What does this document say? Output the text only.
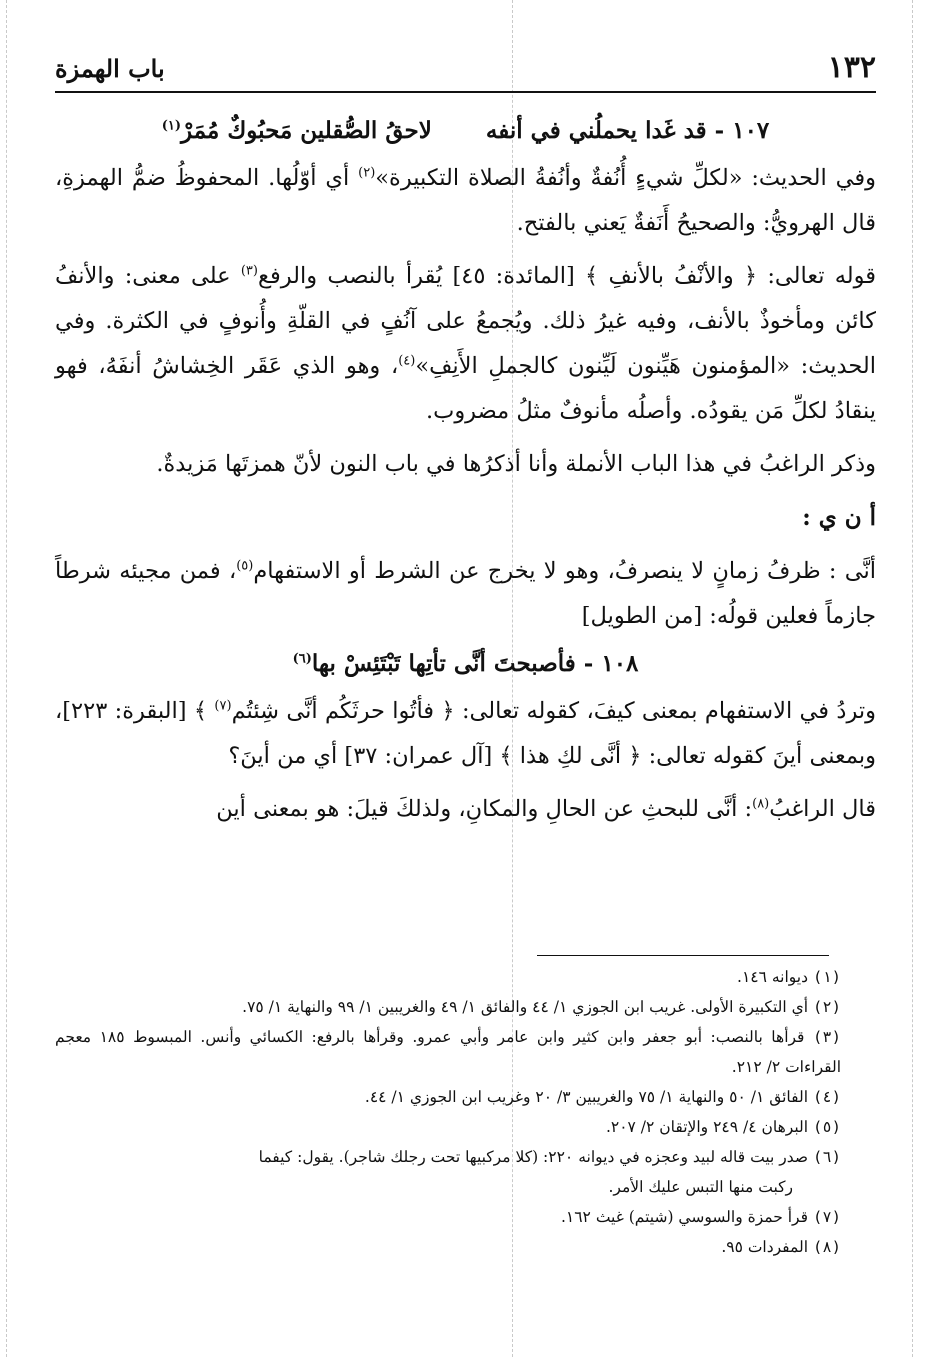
١٣٢
باب الهمزة

١٠٧ - قد غَدا يحملُني في أنفه لاحقُ الصُّقلين مَحبُوكٌ مُمَرْ$^{(١)}$

وفي الحديث: «لكلِّ شيءٍ أُنُفةٌ وأنُفةُ الصلاة التكبيرة»$^{(٢)}$ أي أوّلُها. المحفوظُ ضمُّ الهمزةِ، قال الهرويُّ: والصحيحُ أَنَفةٌ يَعني بالفتح.

قوله تعالى: ﴿ والأنْفُ بالأنفِ ﴾ [المائدة: ٤٥] يُقرأ بالنصب والرفع$^{(٣)}$ على معنى: والأنفُ كائن ومأخوذٌ بالأنف، وفيه غيرُ ذلك. ويُجمعُ على آنُفٍ في القلّةِ وأُنوفٍ في الكثرة. وفي الحديث: «المؤمنون هَيِّنون لَيِّنون كالجملِ الأَنِفِ»$^{(٤)}$، وهو الذي عَقَر الخِشاشُ أنفَهُ، فهو ينقادُ لكلِّ مَن يقودُه. وأصلُه مأنوفٌ مثلُ مضروب.

وذكر الراغبُ في هذا الباب الأنملة وأنا أذكرُها في باب النون لأنّ همزتَها مَزيدةٌ.

أ ن ي :

أنَّى : ظرفُ زمانٍ لا ينصرفُ، وهو لا يخرج عن الشرط أو الاستفهام$^{(٥)}$، فمن مجيئه شرطاً جازماً فعلين قولُه: [من الطويل]

١٠٨ - فأصبحتَ أنَّى تأتِها تَبْتَئِسْ بها$^{(٦)}$

وتردُ في الاستفهام بمعنى كيفَ، كقوله تعالى: ﴿ فأتُوا حرثَكُم أنَّى شِئتُم$^{(٧)}$ ﴾ [البقرة: ٢٢٣]، وبمعنى أينَ كقوله تعالى: ﴿ أنَّى لكِ هذا ﴾ [آل عمران: ٣٧] أي من أينَ؟

قال الراغبُ$^{(٨)}$: أنَّى للبحثِ عن الحالِ والمكانِ، ولذلكَ قيلَ: هو بمعنى أين

(١) ديوانه ١٤٦.

(٢) أي التكبيرة الأولى. غريب ابن الجوزي ١/ ٤٤ والفائق ١/ ٤٩ والغريبين ١/ ٩٩ والنهاية ١/ ٧٥.

(٣) قرأها بالنصب: أبو جعفر وابن كثير وابن عامر وأبي عمرو. وقرأها بالرفع: الكسائي وأنس. المبسوط ١٨٥ معجم القراءات ٢/ ٢١٢.

(٤) الفائق ١/ ٥٠ والنهاية ١/ ٧٥ والغريبين ٣/ ٢٠ وغريب ابن الجوزي ١/ ٤٤.

(٥) البرهان ٤/ ٢٤٩ والإتقان ٢/ ٢٠٧.

(٦) صدر بيت قاله لبيد وعجزه في ديوانه ٢٢٠: (كلا مركبيها تحت رجلك شاجر). يقول: كيفما

ركبت منها التبس عليك الأمر.

(٧) قرأ حمزة والسوسي (شيتم) غيث ١٦٢.

(٨) المفردات ٩٥.
